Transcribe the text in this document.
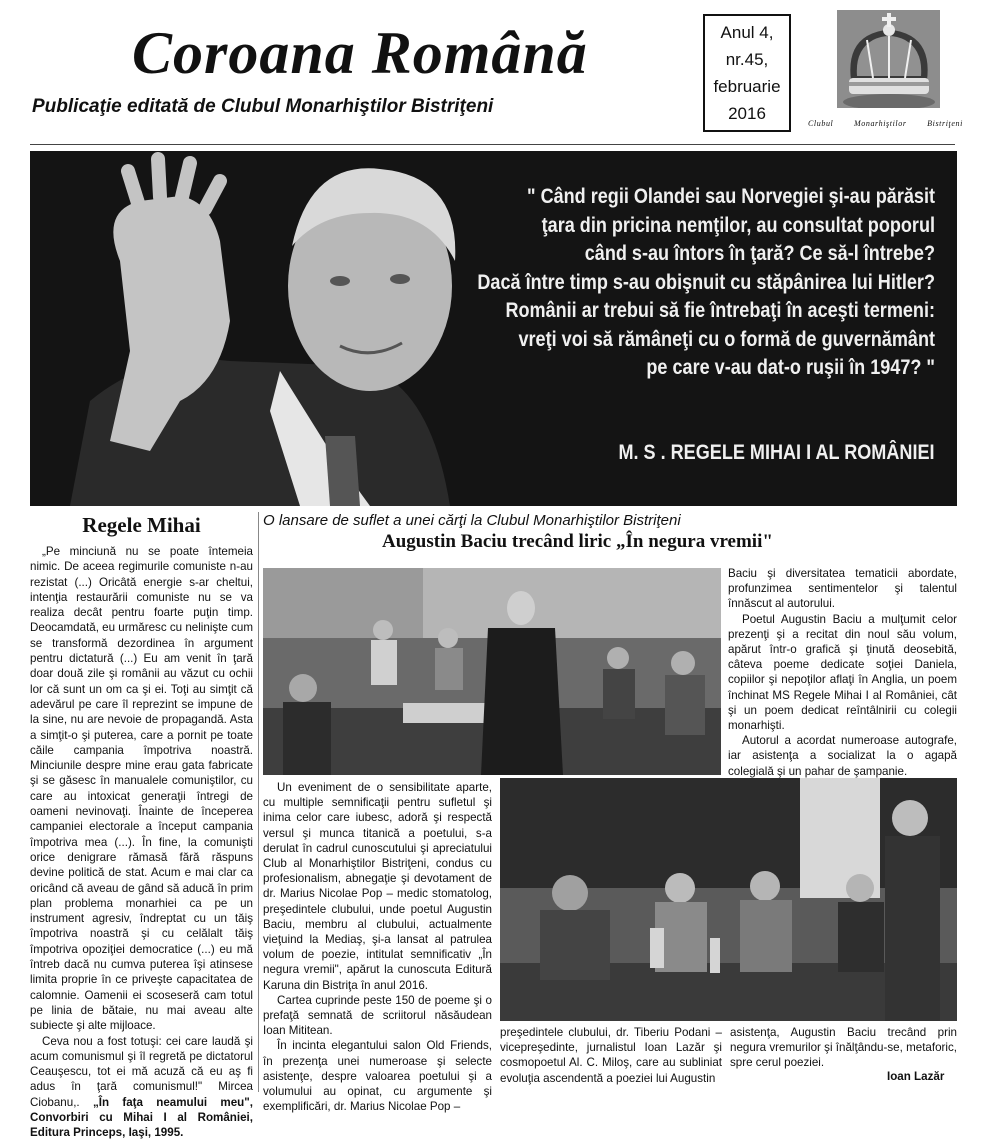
Coroana Română
Publicaţie editată de Clubul Monarhiştilor Bistriţeni
Anul 4,
nr.45,
februarie
2016
Clubul Monarhiştilor Bistriţeni
" Când regii Olandei sau Norvegiei şi-au părăsit
ţara din pricina nemţilor, au consultat poporul
când s-au întors în ţară? Ce să-l întrebe?
Dacă între timp s-au obişnuit cu stăpânirea lui Hitler?
Românii ar trebui să fie întrebaţi în aceşti termeni:
vreţi voi să rămâneţi cu o formă de guvernământ
pe care v-au dat-o ruşii în 1947? "
M. S . REGELE MIHAI I AL ROMÂNIEI
Regele Mihai

„Pe minciună nu se poate întemeia nimic. De aceea regimurile comuniste n-au rezistat (...) Oricâtă energie s-ar cheltui, intenţia restaurării comuniste nu se va realiza decât pentru foarte puţin timp. Deocamdată, eu urmăresc cu nelinişte cum se transformă dezordinea în argument pentru dictatură (...) Eu am venit în ţară doar două zile şi românii au văzut cu ochii lor că sunt un om ca şi ei. Toţi au simţit că adevărul pe care îl reprezint se impune de la sine, nu are nevoie de propagandă. Asta a simţit-o şi puterea, care a pornit pe toate căile campania împotriva noastră. Minciunile despre mine erau gata fabricate şi se găsesc în manualele comuniştilor, cu care au intoxicat generaţii întregi de oameni nevinovaţi. Înainte de începerea campaniei electorale a început campania împotriva mea (...). În fine, la comunişti orice denigrare rămasă fără răspuns devine politică de stat. Acum e mai clar ca oricând că aveau de gând să aducă în prim plan problema monarhiei ca pe un instrument agresiv, îndreptat cu un tăiş împotriva noastră şi cu celălalt tăiş împotriva opoziţiei democratice (...) eu mă întreb dacă nu cumva puterea îşi atinsese limita proprie în ce priveşte capacitatea de calomnie. Oamenii ei scoseseră cam totul pe linia de bătaie, nu mai aveau alte subiecte şi alte mijloace.

Ceva nou a fost totuşi: cei care laudă şi acum comunismul şi îl regretă pe dictatorul Ceauşescu, tot ei mă acuză că eu aş fi adus în ţară comunismul!" Mircea Ciobanu,. „În faţa neamului meu", Convorbiri cu Mihai I al României, Editura Princeps, Iaşi, 1995.

O lansare de suflet a unei cărţi la Clubul Monarhiştilor Bistriţeni
Augustin Baciu trecând liric „În negura vremii"

Baciu şi diversitatea tematicii abordate, profunzimea sentimentelor şi talentul înnăscut al autorului.

Poetul Augustin Baciu a mulţumit celor prezenţi şi a recitat din noul său volum, apărut într-o grafică şi ţinută deosebită, câteva poeme dedicate soţiei Daniela, copiilor şi nepoţilor aflaţi în Anglia, un poem închinat MS Regele Mihai I al României, cât şi un poem dedicat reîntâlnirii cu colegii monarhişti.

Autorul a acordat numeroase autografe, iar asistenţa a socializat la o agapă colegială şi un pahar de şampanie.

Un eveniment de o sensibilitate aparte, cu multiple semnificaţii pentru sufletul şi inima celor care iubesc, adoră şi respectă versul şi munca titanică a poetului, s-a derulat în cadrul cunoscutului şi apreciatului Club al Monarhiştilor Bistriţeni, condus cu profesionalism, abnegaţie şi devotament de dr. Marius Nicolae Pop – medic stomatolog, preşedintele clubului, unde poetul Augustin Baciu, membru al clubului, actualmente vieţuind la Mediaş, şi-a lansat al patrulea volum de poezie, intitulat semnificativ „În negura vremii", apărut la cunoscuta Editură Karuna din Bistriţa în anul 2016.

Cartea cuprinde peste 150 de poeme şi o prefaţă semnată de scriitorul năsăudean Ioan Mititean.

În incinta elegantului salon Old Friends, în prezenţa unei numeroase şi selecte asistenţe, despre valoarea poetului şi a volumului au opinat, cu argumente şi exemplificări, dr. Marius Nicolae Pop –

preşedintele clubului, dr. Tiberiu Podani – vicepreşedinte, jurnalistul Ioan Lazăr şi cosmopoetul Al. C. Miloş, care au subliniat evoluţia ascendentă a poeziei lui Augustin

asistenţa, Augustin Baciu trecând prin negura vremurilor şi înălţându-se, metaforic, spre cerul poeziei.

Ioan Lazăr
